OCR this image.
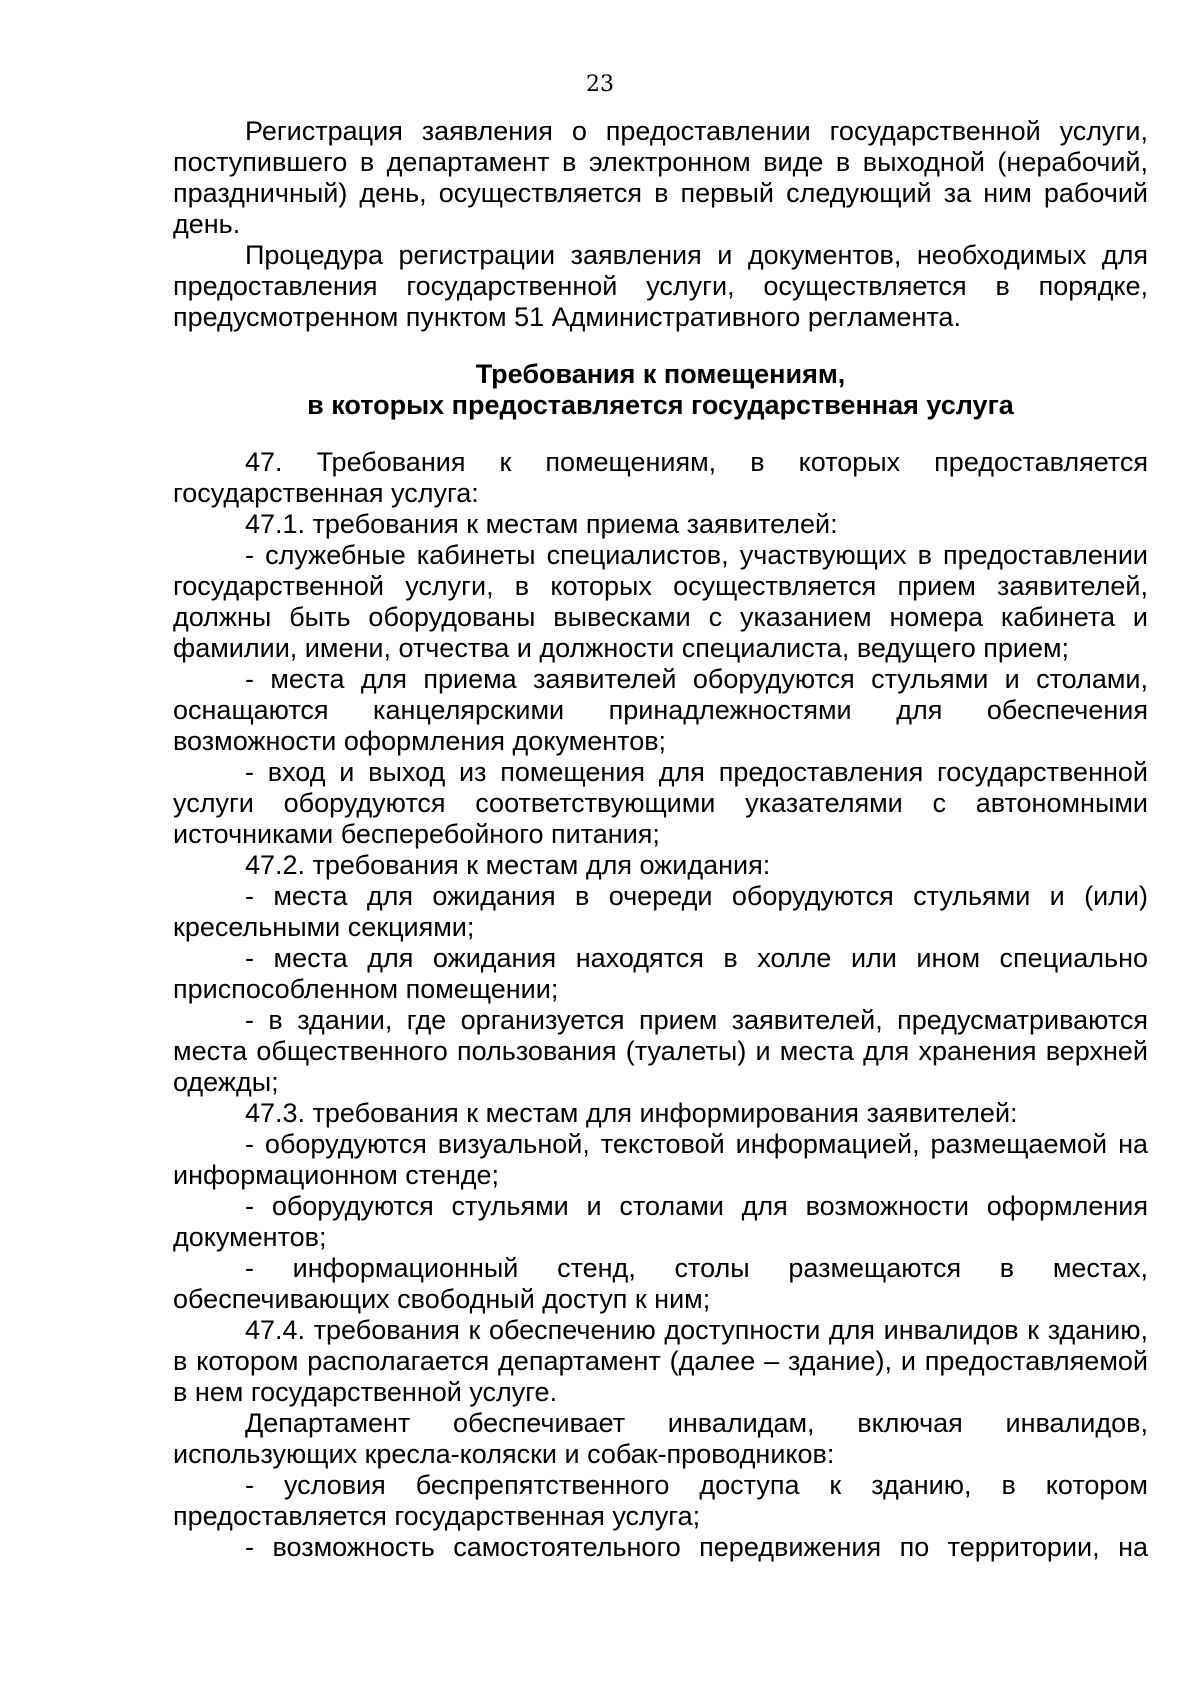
23

Регистрация заявления о предоставлении государственной услуги, поступившего в департамент в электронном виде в выходной (нерабочий, праздничный) день, осуществляется в первый следующий за ним рабочий день.

Процедура регистрации заявления и документов, необходимых для предоставления государственной услуги, осуществляется в порядке, предусмотренном пунктом 51 Административного регламента.

Требования к помещениям,
в которых предоставляется государственная услуга

47. Требования к помещениям, в которых предоставляется государственная услуга:

47.1. требования к местам приема заявителей:

- служебные кабинеты специалистов, участвующих в предоставлении государственной услуги, в которых осуществляется прием заявителей, должны быть оборудованы вывесками с указанием номера кабинета и фамилии, имени, отчества и должности специалиста, ведущего прием;

- места для приема заявителей оборудуются стульями и столами, оснащаются канцелярскими принадлежностями для обеспечения возможности оформления документов;

- вход и выход из помещения для предоставления государственной услуги оборудуются соответствующими указателями с автономными источниками бесперебойного питания;

47.2. требования к местам для ожидания:

- места для ожидания в очереди оборудуются стульями и (или) кресельными секциями;

- места для ожидания находятся в холле или ином специально приспособленном помещении;

- в здании, где организуется прием заявителей, предусматриваются места общественного пользования (туалеты) и места для хранения верхней одежды;

47.3. требования к местам для информирования заявителей:

- оборудуются визуальной, текстовой информацией, размещаемой на информационном стенде;

- оборудуются стульями и столами для возможности оформления документов;

- информационный стенд, столы размещаются в местах, обеспечивающих свободный доступ к ним;

47.4. требования к обеспечению доступности для инвалидов к зданию, в котором располагается департамент (далее – здание), и предоставляемой в нем государственной услуге.

Департамент обеспечивает инвалидам, включая инвалидов, использующих кресла-коляски и собак-проводников:

- условия беспрепятственного доступа к зданию, в котором предоставляется государственная услуга;

- возможность самостоятельного передвижения по территории, на
